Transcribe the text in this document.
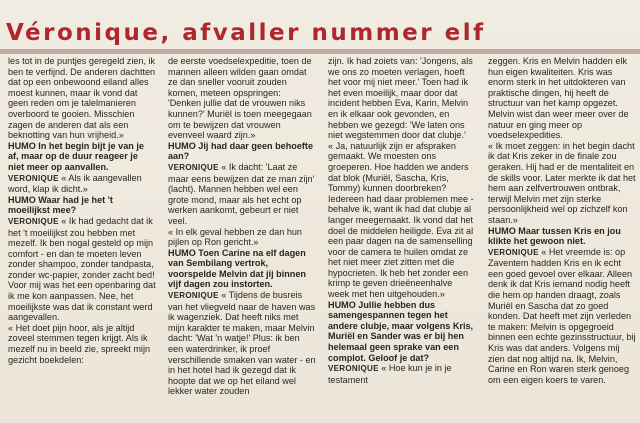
Véronique, afvaller nummer elf

les tot in de puntjes geregeld zien, ik ben te verfijnd. De anderen dachtten dat op een onbewoond eiland alles moest kunnen, maar ik vond dat geen reden om je talelmanieren overboord te gooien. Misschien zagen de anderen dat als een beknotting van hun vrijheid.»

HUMO In het begin bijt je van je af, maar op de duur reageer je niet meer op aanvallen.

VERONIQUE « Als ik aangevallen word, klap ik dicht.»

HUMO Waar had je het 't moeilijkst mee?

VERONIQUE « Ik had gedacht dat ik het 't moeilijkst zou hebben met mezelf. Ik ben nogal gesteld op mijn comfort - en dan te moeten leven zonder shampoo, zonder tandpasta, zonder wc-papier, zonder zacht bed! Voor mij was het een openbaring dat ik me kon aanpassen. Nee, het moeilijkste was dat ik constant werd aangevallen.

« Het doet pijn hoor, als je altijd zoveel stemmen tegen krijgt. Als ik mezelf nu in beeld zie, spreekt mijn gezicht boekdelen:

de eerste voedselexpeditie, toen de mannen alleen wilden gaan omdat ze dan sneller vooruit zouden komen, meteen opspringen: 'Denken jullie dat de vrouwen niks kunnen?' Muriël is toen meegegaan om te bewijzen dat vrouwen evenveel waard zijn.»

HUMO Jij had daar geen behoefte aan?

VERONIQUE « Ik dacht: 'Laat ze maar eens bewijzen dat ze man zijn' (lacht). Mannen hebben wel een grote mond, maar als het echt op werken aankomt, gebeurt er niet veel.

« In elk geval hebben ze dan hun pijlen op Ron gericht.»

HUMO Toen Carine na elf dagen van Sembilang vertrok, voorspelde Melvin dat jij binnen vijf dagen zou instorten.

VERONIQUE « Tijdens de busreis van het vliegveld naar de haven was ik wagenziek. Dat heeft niks met mijn karakter te maken, maar Melvin dacht: 'Wat 'n watje!' Plus: ik ben een waterdrinker, ik proef verschillende smaken van water - en in het hotel had ik gezegd dat ik hoopte dat we op het eiland wel lekker water zouden

zijn. Ik had zoiets van: 'Jongens, als we ons zo moeten verlagen, hoeft het voor mij niet meer.' Toen had ik het even moeilijk, maar door dat incident hebben Eva, Karin, Melvin en ik elkaar ook gevonden, en hebben we gezegd: 'We laten ons niet wegstemmen door dat clubje.'

« Ja, natuurlijk zijn er afspraken gemaakt. We moesten ons groeperen. Hoe hadden we anders dat blok (Muriël, Sascha, Kris, Tommy) kunnen doorbreken? Iedereen had daar problemen mee - behalve ik, want ik had dat clubje al langer meegemaakt. Ik vond dat het doel de middelen heiligde. Eva zit al een paar dagen na de samenselling voor de camera te huilen omdat ze het niet meer ziet zitten met die hypocrieten. Ik heb het zonder een krimp te geven drieëneenhalve week met hen uitgehouden.»

HUMO Jullie hebben dus samengespannen tegen het andere clubje, maar volgens Kris, Muriël en Sander was er bij hen helemaal geen sprake van een complot. Geloof je dat?

VERONIQUE « Hoe kun je in je testament

zeggen. Kris en Melvin hadden elk hun eigen kwaliteiten. Kris was enorm sterk in het uitdokteren van praktische dingen, hij heeft de structuur van het kamp opgezet. Melvin wist dan weer meer over de natuur en ging meer op voedselexpedities.

« Ik moet zeggen: in het begin dacht ik dat Kris zeker in de finale zou geraken. Hij had er de mentaliteit en de skills voor. Later merkte ik dat het hem aan zelfvertrouwen ontbrak, terwijl Melvin met zijn sterke persoonlijkheid wel op zichzelf kon staan.»

HUMO Maar tussen Kris en jou klikte het gewoon niet.

VERONIQUE « Het vreemde is: op Zaventem hadden Kris en ik echt een goed gevoel over elkaar. Alleen denk ik dat Kris iemand nodig heeft die hem op handen draagt, zoals Muriël en Sascha dat zo goed konden. Dat heeft met zijn verleden te maken: Melvin is opgegroeid binnen een echte gezinsstructuur, bij Kris was dat anders. Volgens mij zien dat nog altijd na. Ik, Melvin, Carine en Ron waren sterk genoeg om een eigen koers te varen.
